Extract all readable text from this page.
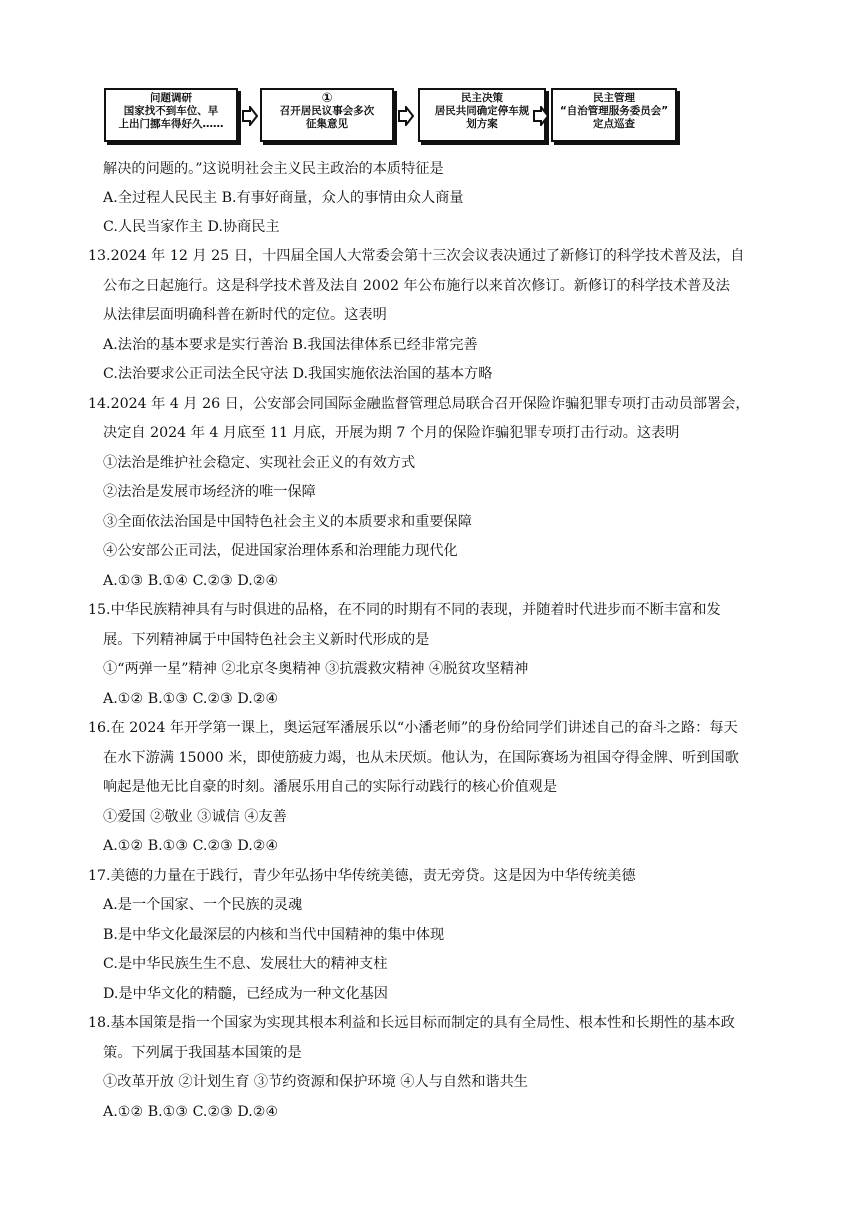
问题调研
国家找不到车位、早
上出门挪车得好久……
①
召开居民议事会多次
征集意见
民主决策
居民共同确定停车规
划方案
民主管理
“自治管理服务委员会”
定点巡查
解决的问题的。”这说明社会主义民主政治的本质特征是
A.全过程人民民主 B.有事好商量，众人的事情由众人商量
C.人民当家作主 D.协商民主
13.2024 年 12 月 25 日，十四届全国人大常委会第十三次会议表决通过了新修订的科学技术普及法，自
公布之日起施行。这是科学技术普及法自 2002 年公布施行以来首次修订。新修订的科学技术普及法
从法律层面明确科普在新时代的定位。这表明
A.法治的基本要求是实行善治 B.我国法律体系已经非常完善
C.法治要求公正司法全民守法 D.我国实施依法治国的基本方略
14.2024 年 4 月 26 日，公安部会同国际金融监督管理总局联合召开保险诈骗犯罪专项打击动员部署会，
决定自 2024 年 4 月底至 11 月底，开展为期 7 个月的保险诈骗犯罪专项打击行动。这表明
①法治是维护社会稳定、实现社会正义的有效方式
②法治是发展市场经济的唯一保障
③全面依法治国是中国特色社会主义的本质要求和重要保障
④公安部公正司法，促进国家治理体系和治理能力现代化
A.①③ B.①④ C.②③ D.②④
15.中华民族精神具有与时俱进的品格，在不同的时期有不同的表现，并随着时代进步而不断丰富和发
展。下列精神属于中国特色社会主义新时代形成的是
①“两弹一星”精神 ②北京冬奥精神 ③抗震救灾精神 ④脱贫攻坚精神
A.①② B.①③ C.②③ D.②④
16.在 2024 年开学第一课上，奥运冠军潘展乐以“小潘老师”的身份给同学们讲述自己的奋斗之路：每天
在水下游满 15000 米，即使筋疲力竭，也从未厌烦。他认为，在国际赛场为祖国夺得金牌、听到国歌
响起是他无比自豪的时刻。潘展乐用自己的实际行动践行的核心价值观是
①爱国 ②敬业 ③诚信 ④友善
A.①② B.①③ C.②③ D.②④
17.美德的力量在于践行，青少年弘扬中华传统美德，责无旁贷。这是因为中华传统美德
A.是一个国家、一个民族的灵魂
B.是中华文化最深层的内核和当代中国精神的集中体现
C.是中华民族生生不息、发展壮大的精神支柱
D.是中华文化的精髓，已经成为一种文化基因
18.基本国策是指一个国家为实现其根本利益和长远目标而制定的具有全局性、根本性和长期性的基本政
策。下列属于我国基本国策的是
①改革开放 ②计划生育 ③节约资源和保护环境 ④人与自然和谐共生
A.①② B.①③ C.②③ D.②④
